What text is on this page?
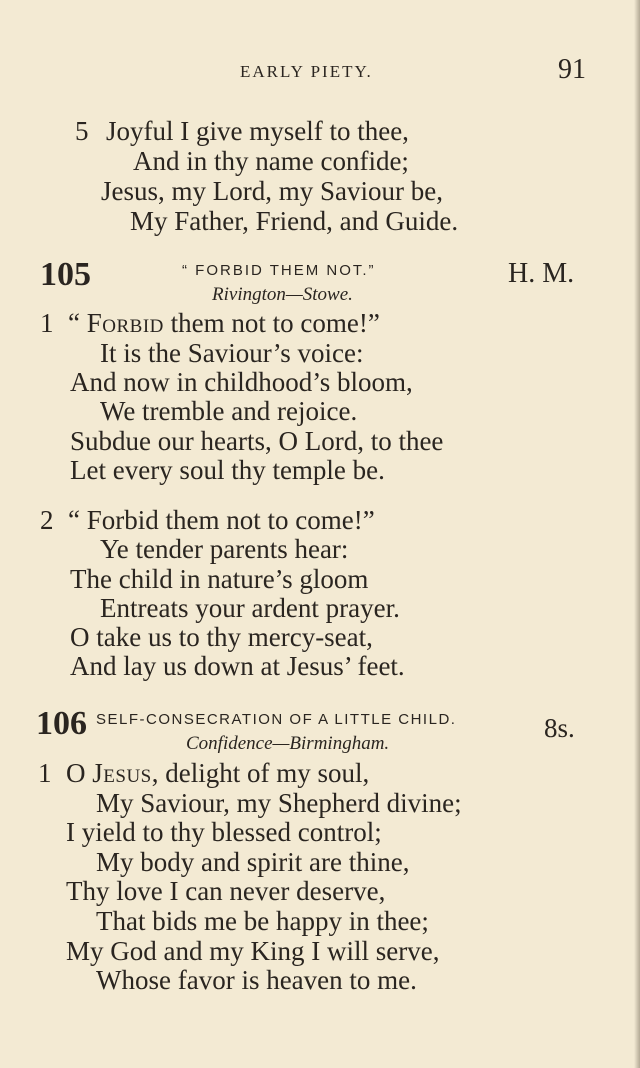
EARLY PIETY.	91
5 Joyful I give myself to thee,
And in thy name confide;
Jesus, my Lord, my Saviour be,
My Father, Friend, and Guide.
105	“ FORBID THEM NOT.”
Rivington—Stowe.
H. M.
1 “ FORBID them not to come!”
It is the Saviour’s voice:
And now in childhood’s bloom,
We tremble and rejoice.
Subdue our hearts, O Lord, to thee
Let every soul thy temple be.
2 “ Forbid them not to come!”
Ye tender parents hear:
The child in nature’s gloom
Entreats your ardent prayer.
O take us to thy mercy-seat,
And lay us down at Jesus’ feet.
106 SELF-CONSECRATION OF A LITTLE CHILD.
Confidence—Birmingham.
8s.
1 O JESUS, delight of my soul,
My Saviour, my Shepherd divine;
I yield to thy blessed control;
My body and spirit are thine,
Thy love I can never deserve,
That bids me be happy in thee;
My God and my King I will serve,
Whose favor is heaven to me.
